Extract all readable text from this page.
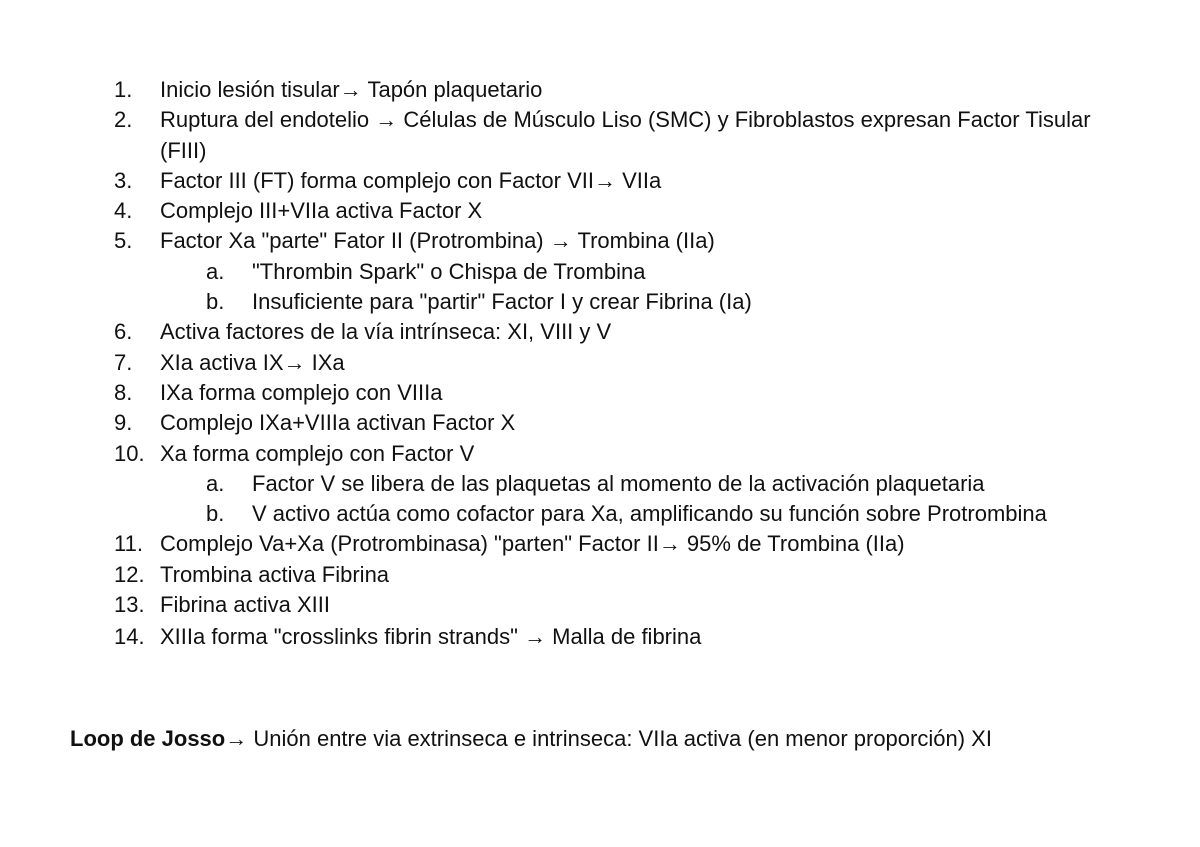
1. Inicio lesión tisular→ Tapón plaquetario
2. Ruptura del endotelio → Células de Músculo Liso (SMC) y Fibroblastos expresan Factor Tisular (FIII)
3. Factor III (FT) forma complejo con Factor VII→ VIIa
4. Complejo III+VIIa activa Factor X
5. Factor Xa "parte" Fator II (Protrombina) → Trombina (IIa)
a. "Thrombin Spark" o Chispa de Trombina
b. Insuficiente para "partir" Factor I y crear Fibrina (Ia)
6. Activa factores de la vía intrínseca: XI, VIII y V
7. XIa activa IX→ IXa
8. IXa forma complejo con VIIIa
9. Complejo IXa+VIIIa activan Factor X
10. Xa forma complejo con Factor V
a. Factor V se libera de las plaquetas al momento de la activación plaquetaria
b. V activo actúa como cofactor para Xa, amplificando su función sobre Protrombina
11. Complejo Va+Xa (Protrombinasa) "parten" Factor II→ 95% de Trombina (IIa)
12. Trombina activa Fibrina
13. Fibrina activa XIII
14. XIIIa forma "crosslinks fibrin strands" → Malla de fibrina
Loop de Josso→ Unión entre via extrinseca e intrinseca: VIIa activa (en menor proporción) XI
